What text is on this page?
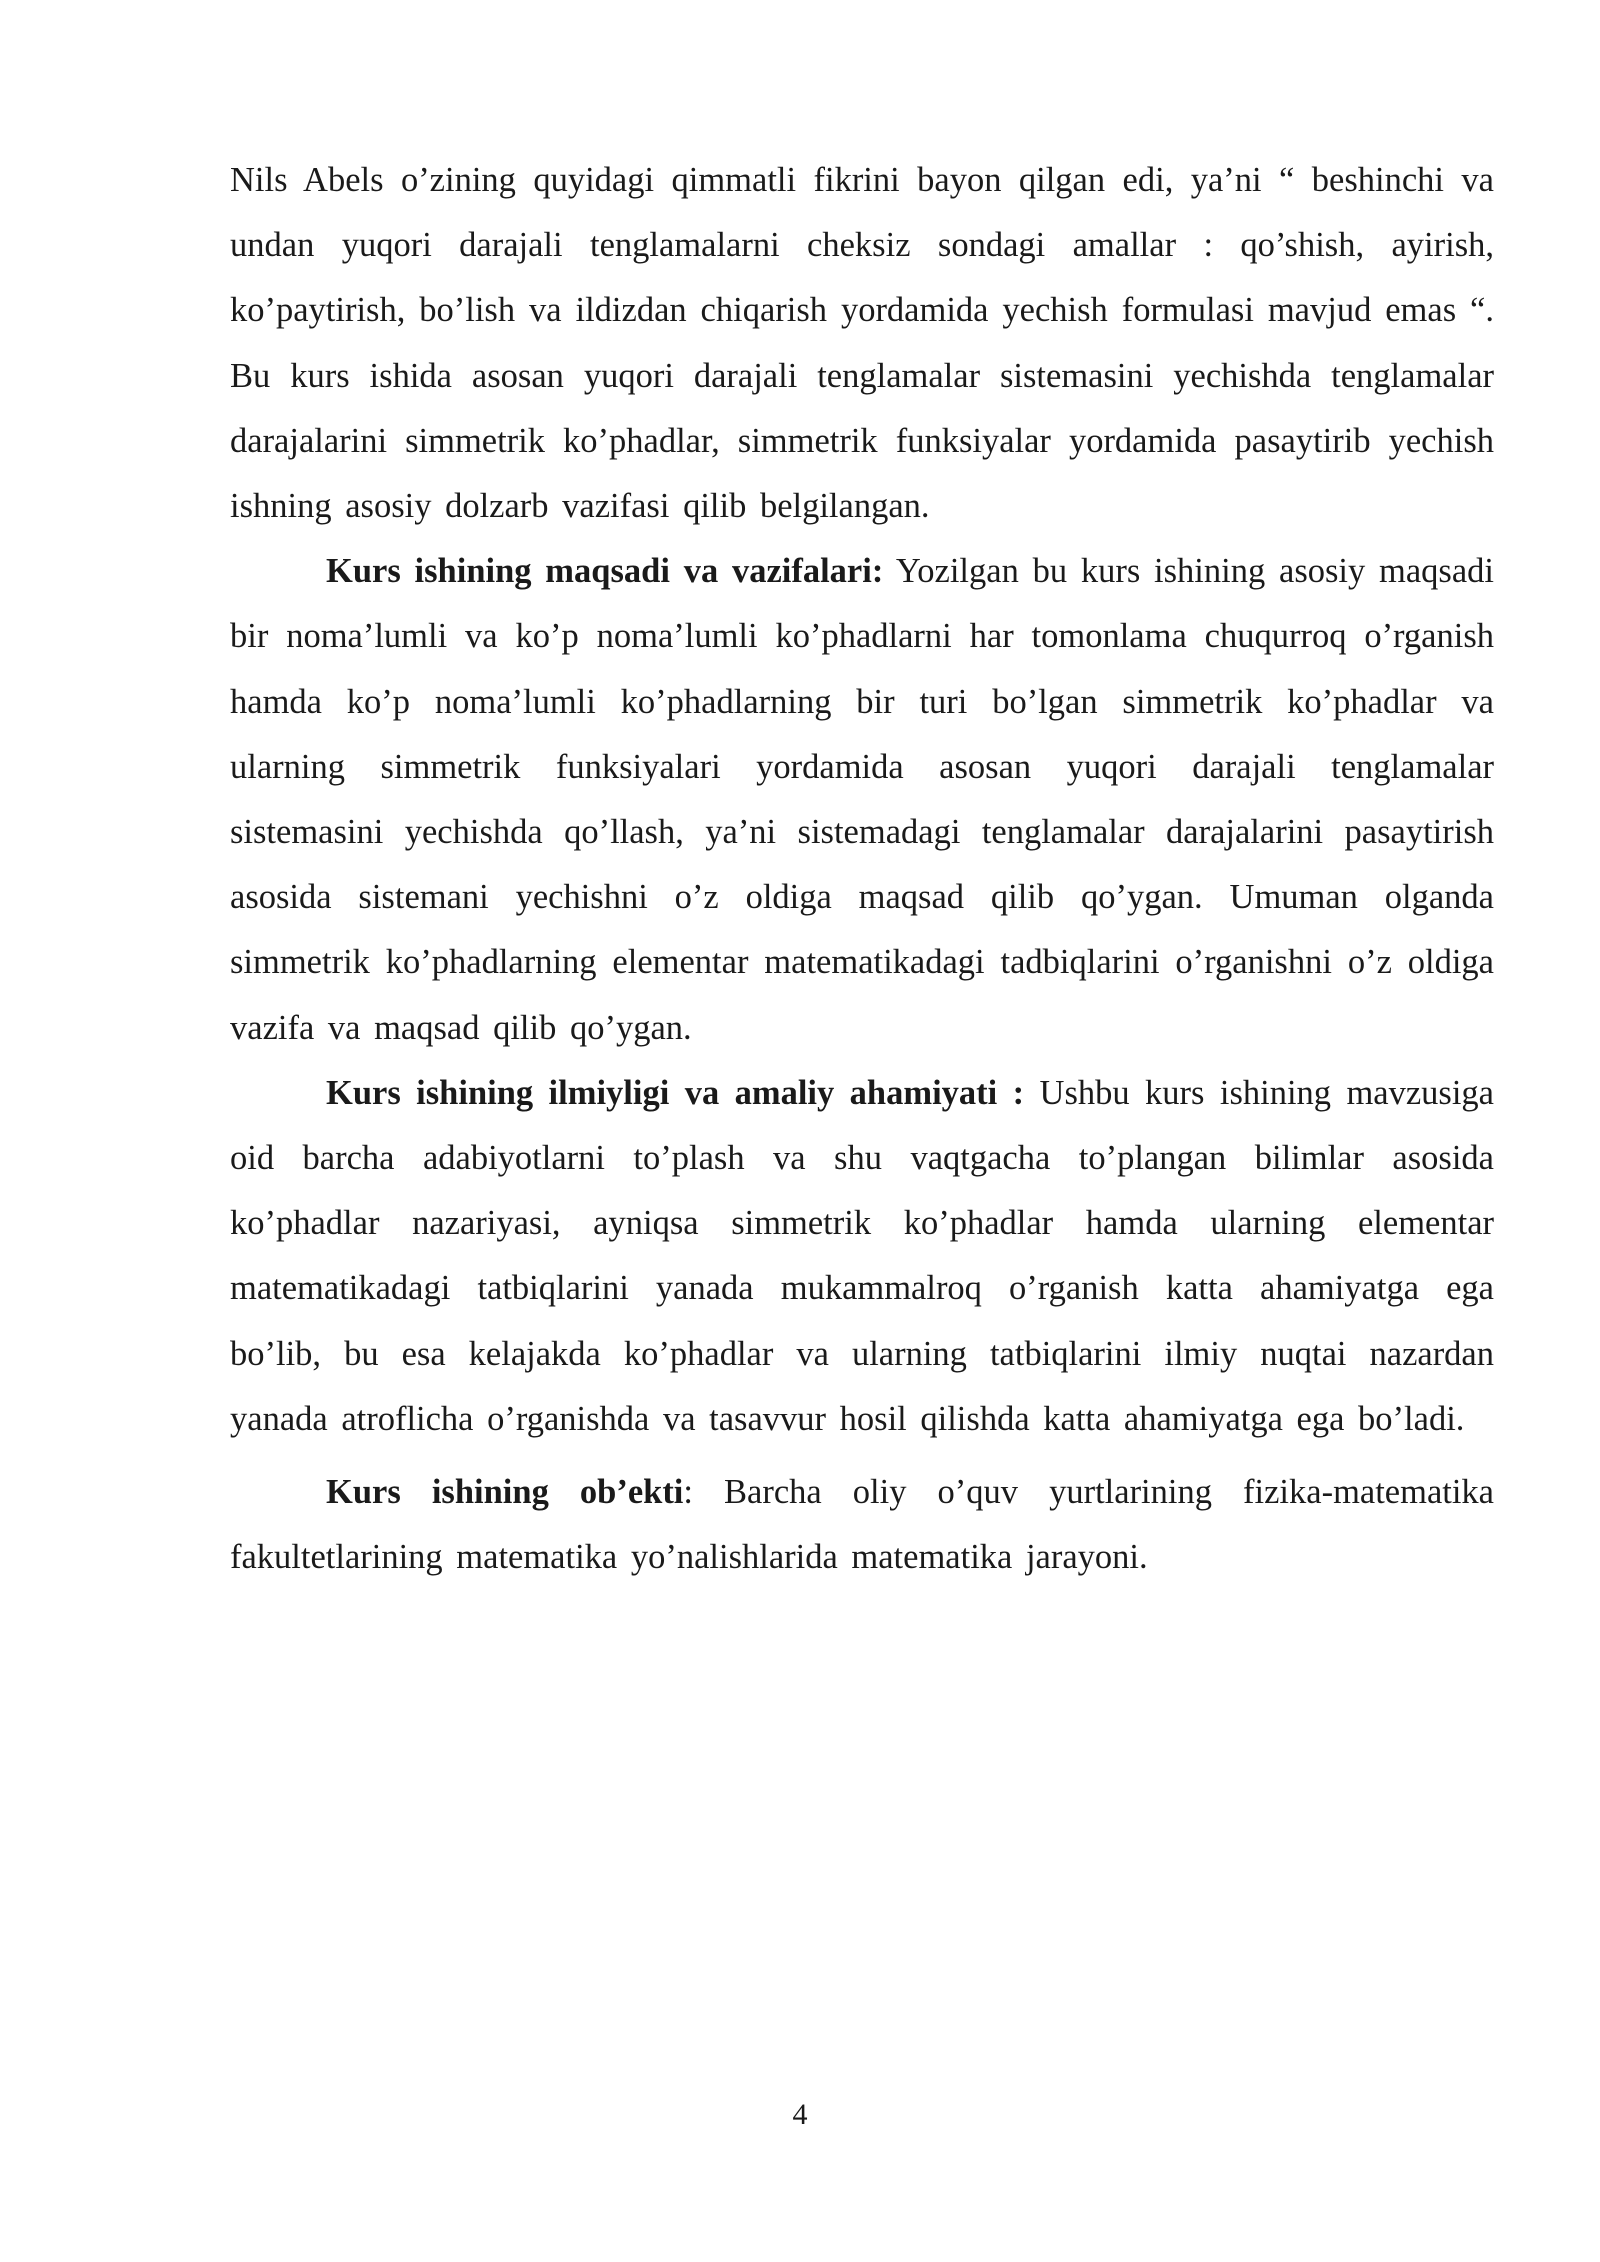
Nils Abels o’zining quyidagi qimmatli fikrini bayon qilgan edi, ya’ni “ beshinchi va undan yuqori darajali tenglamalarni cheksiz sondagi amallar : qo’shish, ayirish, ko’paytirish, bo’lish va ildizdan chiqarish yordamida yechish formulasi mavjud emas “. Bu kurs ishida asosan yuqori darajali tenglamalar sistemasini yechishda tenglamalar darajalarini simmetrik ko’phadlar, simmetrik funksiyalar yordamida pasaytirib yechish ishning asosiy dolzarb vazifasi qilib belgilangan.

Kurs ishining maqsadi va vazifalari: Yozilgan bu kurs ishining asosiy maqsadi bir noma’lumli va ko’p noma’lumli ko’phadlarni har tomonlama chuqurroq o’rganish hamda ko’p noma’lumli ko’phadlarning bir turi bo’lgan simmetrik ko’phadlar va ularning simmetrik funksiyalari yordamida asosan yuqori darajali tenglamalar sistemasini yechishda qo’llash, ya’ni sistemadagi tenglamalar darajalarini pasaytirish asosida sistemani yechishni o’z oldiga maqsad qilib qo’ygan. Umuman olganda simmetrik ko’phadlarning elementar matematikadagi tadbiqlarini o’rganishni o’z oldiga vazifa va maqsad qilib qo’ygan.

Kurs ishining ilmiyligi va amaliy ahamiyati : Ushbu kurs ishining mavzusiga oid barcha adabiyotlarni to’plash va shu vaqtgacha to’plangan bilimlar asosida ko’phadlar nazariyasi, ayniqsa simmetrik ko’phadlar hamda ularning elementar matematikadagi tatbiqlarini yanada mukammalroq o’rganish katta ahamiyatga ega bo’lib, bu esa kelajakda ko’phadlar va ularning tatbiqlarini ilmiy nuqtai nazardan yanada atroflicha o’rganishda va tasavvur hosil qilishda katta ahamiyatga ega bo’ladi.

Kurs ishining ob’ekti: Barcha oliy o’quv yurtlarining fizika-matematika fakultetlarining matematika yo’nalishlarida matematika jarayoni.

4
